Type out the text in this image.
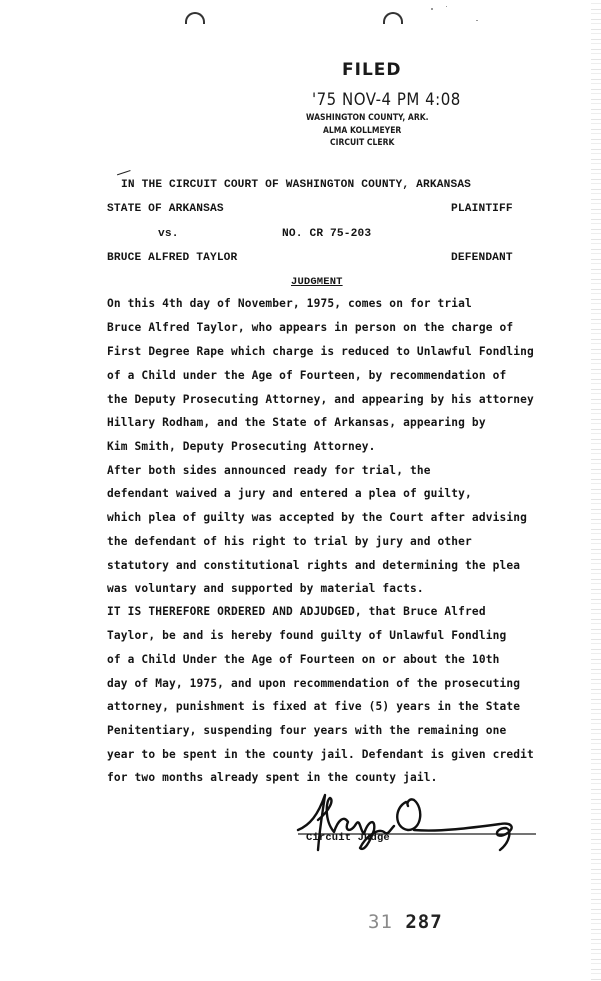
FILED
'75 NOV-4 PM 4:08
WASHINGTON COUNTY, ARK.
ALMA KOLLMEYER
CIRCUIT CLERK
IN THE CIRCUIT COURT OF WASHINGTON COUNTY, ARKANSAS
STATE OF ARKANSAS	PLAINTIFF
vs.	NO. CR 75-203
BRUCE ALFRED TAYLOR	DEFENDANT
JUDGMENT
On this 4th day of November, 1975, comes on for trial
Bruce Alfred Taylor, who appears in person on the charge of
First Degree Rape which charge is reduced to Unlawful Fondling
of a Child under the Age of Fourteen, by recommendation of
the Deputy Prosecuting Attorney, and appearing by his attorney
Hillary Rodham, and the State of Arkansas, appearing by
Kim Smith, Deputy Prosecuting Attorney.
After both sides announced ready for trial, the
defendant waived a jury and entered a plea of guilty,
which plea of guilty was accepted by the Court after advising
the defendant of his right to trial by jury and other
statutory and constitutional rights and determining the plea
was voluntary and supported by material facts.
IT IS THEREFORE ORDERED AND ADJUDGED, that Bruce Alfred
Taylor, be and is hereby found guilty of Unlawful Fondling
of a Child Under the Age of Fourteen on or about the 10th
day of May, 1975, and upon recommendation of the prosecuting
attorney, punishment is fixed at five (5) years in the State
Penitentiary, suspending four years with the remaining one
year to be spent in the county jail. Defendant is given credit
for two months already spent in the county jail.
Circuit Judge
31 287
